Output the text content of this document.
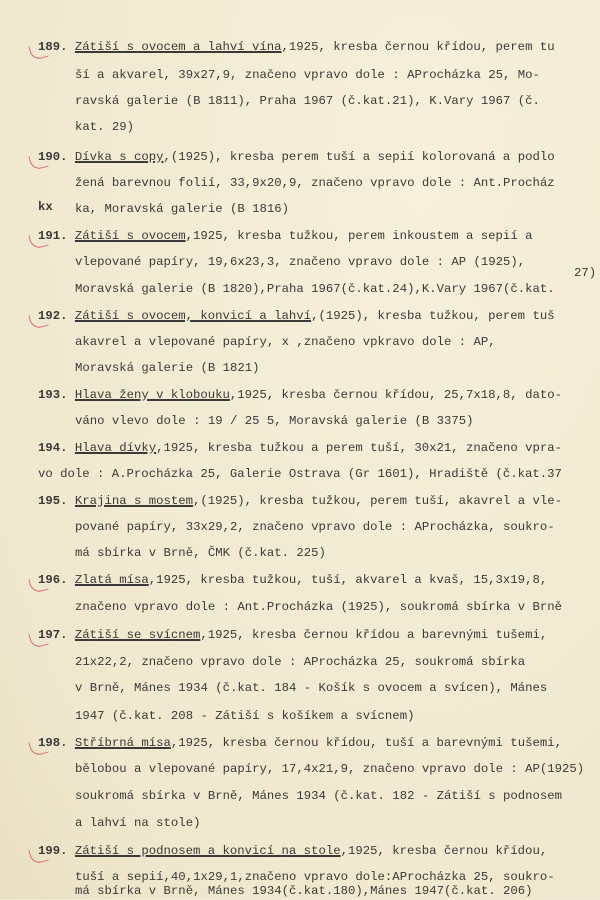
189. Zátiší s ovocem a lahví vína,1925, kresba černou křídou, perem tu
ší a akvarel, 39x27,9, značeno vpravo dole : AProcházka 25, Mo-
ravská galerie (B 1811), Praha 1967 (č.kat.21), K.Vary 1967 (č.
kat. 29)
190. Dívka s copy,(1925), kresba perem tuší a sepií kolorovaná a podlo
žená barevnou folií, 33,9x20,9, značeno vpravo dole : Ant.Procház
ka, Moravská galerie (B 1816)
191. Zátiší s ovocem,1925, kresba tužkou, perem inkoustem a sepií a
vlepované papíry, 19,6x23,3, značeno vpravo dole : AP (1925),
Moravská galerie (B 1820),Praha 1967(č.kat.24),K.Vary 1967(č.kat.
192. Zátiší s ovocem, konvicí a lahví,(1925), kresba tužkou, perem tuš
akavrel a vlepované papíry, x ,značeno vpkravo dole : AP,
Moravská galerie (B 1821)
193. Hlava ženy v klobouku,1925, kresba černou křídou, 25,7x18,8, dato-
váno vlevo dole : 19 / 25 5, Moravská galerie (B 3375)
194. Hlava dívky,1925, kresba tužkou a perem tuší, 30x21, značeno vpra-
vo dole : A.Procházka 25, Galerie Ostrava (Gr 1601), Hradiště (č.kat.37
195. Krajina s mostem,(1925), kresba tužkou, perem tuší, akavrel a vle-
pované papíry, 33x29,2, značeno vpravo dole : AProcházka, soukro-
má sbírka v Brně, ČMK (č.kat. 225)
196. Zlatá mísa,1925, kresba tužkou, tuší, akvarel a kvaš, 15,3x19,8,
značeno vpravo dole : Ant.Procházka (1925), soukromá sbírka v Brně
197. Zátiší se svícnem,1925, kresba černou křídou a barevnými tušemi,
21x22,2, značeno vpravo dole : AProcházka 25, soukromá sbírka
v Brně, Mánes 1934 (č.kat. 184 - Košík s ovocem a svícen), Mánes
1947 (č.kat. 208 - Zátiší s košíkem a svícnem)
198. Stříbrná mísa,1925, kresba černou křídou, tuší a barevnými tušemi,
bělobou a vlepované papíry, 17,4x21,9, značeno vpravo dole : AP(1925)
soukromá sbírka v Brně, Mánes 1934 (č.kat. 182 - Zátiší s podnosem
a lahví na stole)
199. Zátiší s podnosem a konvicí na stole,1925, kresba černou křídou,
tuší a sepií,40,1x29,1,značeno vpravo dole:AProcházka 25, soukro-
má sbírka v Brně, Mánes 1934(č.kat.180),Mánes 1947(č.kat. 206)
kx
27)
